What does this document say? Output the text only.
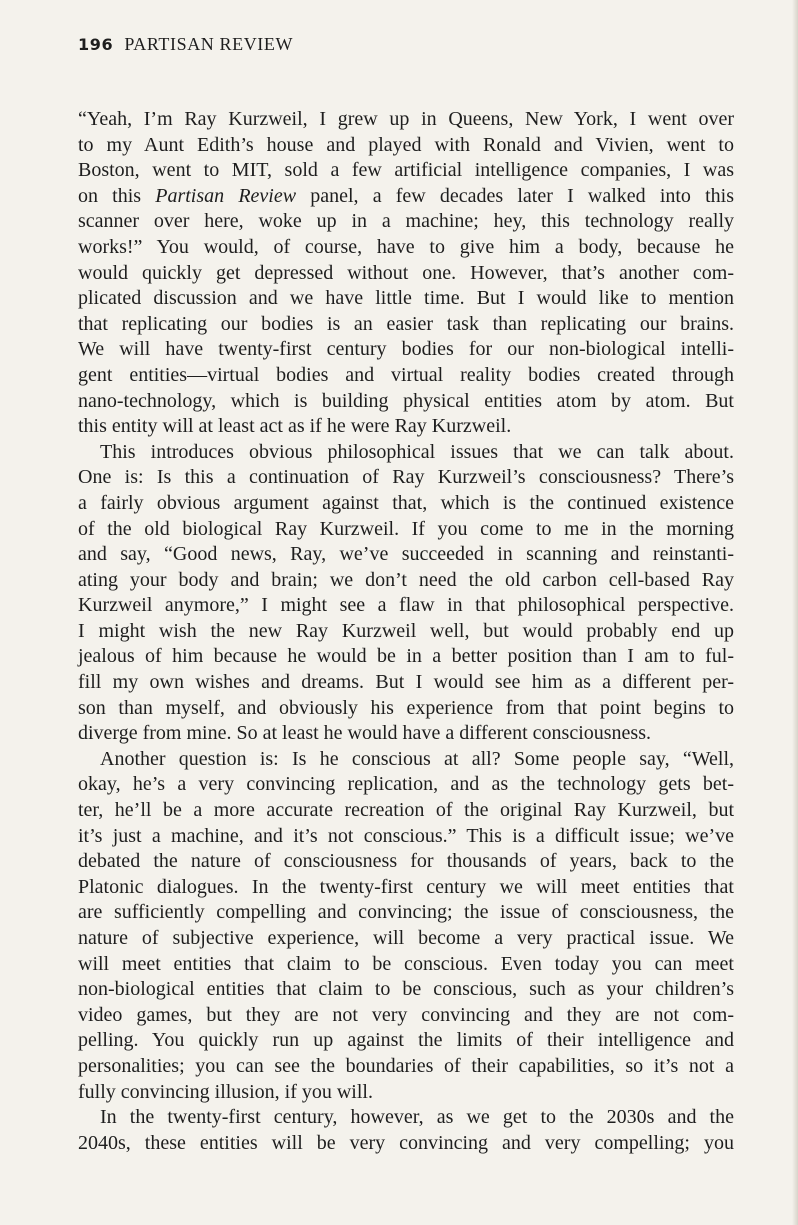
196 PARTISAN REVIEW
“Yeah, I’m Ray Kurzweil, I grew up in Queens, New York, I went over
to my Aunt Edith’s house and played with Ronald and Vivien, went to
Boston, went to MIT, sold a few artificial intelligence companies, I was
on this Partisan Review panel, a few decades later I walked into this
scanner over here, woke up in a machine; hey, this technology really
works!” You would, of course, have to give him a body, because he
would quickly get depressed without one. However, that’s another com-
plicated discussion and we have little time. But I would like to mention
that replicating our bodies is an easier task than replicating our brains.
We will have twenty-first century bodies for our non-biological intelli-
gent entities—virtual bodies and virtual reality bodies created through
nano-technology, which is building physical entities atom by atom. But
this entity will at least act as if he were Ray Kurzweil.
This introduces obvious philosophical issues that we can talk about.
One is: Is this a continuation of Ray Kurzweil’s consciousness? There’s
a fairly obvious argument against that, which is the continued existence
of the old biological Ray Kurzweil. If you come to me in the morning
and say, “Good news, Ray, we’ve succeeded in scanning and reinstanti-
ating your body and brain; we don’t need the old carbon cell-based Ray
Kurzweil anymore,” I might see a flaw in that philosophical perspective.
I might wish the new Ray Kurzweil well, but would probably end up
jealous of him because he would be in a better position than I am to ful-
fill my own wishes and dreams. But I would see him as a different per-
son than myself, and obviously his experience from that point begins to
diverge from mine. So at least he would have a different consciousness.
Another question is: Is he conscious at all? Some people say, “Well,
okay, he’s a very convincing replication, and as the technology gets bet-
ter, he’ll be a more accurate recreation of the original Ray Kurzweil, but
it’s just a machine, and it’s not conscious.” This is a difficult issue; we’ve
debated the nature of consciousness for thousands of years, back to the
Platonic dialogues. In the twenty-first century we will meet entities that
are sufficiently compelling and convincing; the issue of consciousness, the
nature of subjective experience, will become a very practical issue. We
will meet entities that claim to be conscious. Even today you can meet
non-biological entities that claim to be conscious, such as your children’s
video games, but they are not very convincing and they are not com-
pelling. You quickly run up against the limits of their intelligence and
personalities; you can see the boundaries of their capabilities, so it’s not a
fully convincing illusion, if you will.
In the twenty-first century, however, as we get to the 2030s and the
2040s, these entities will be very convincing and very compelling; you
